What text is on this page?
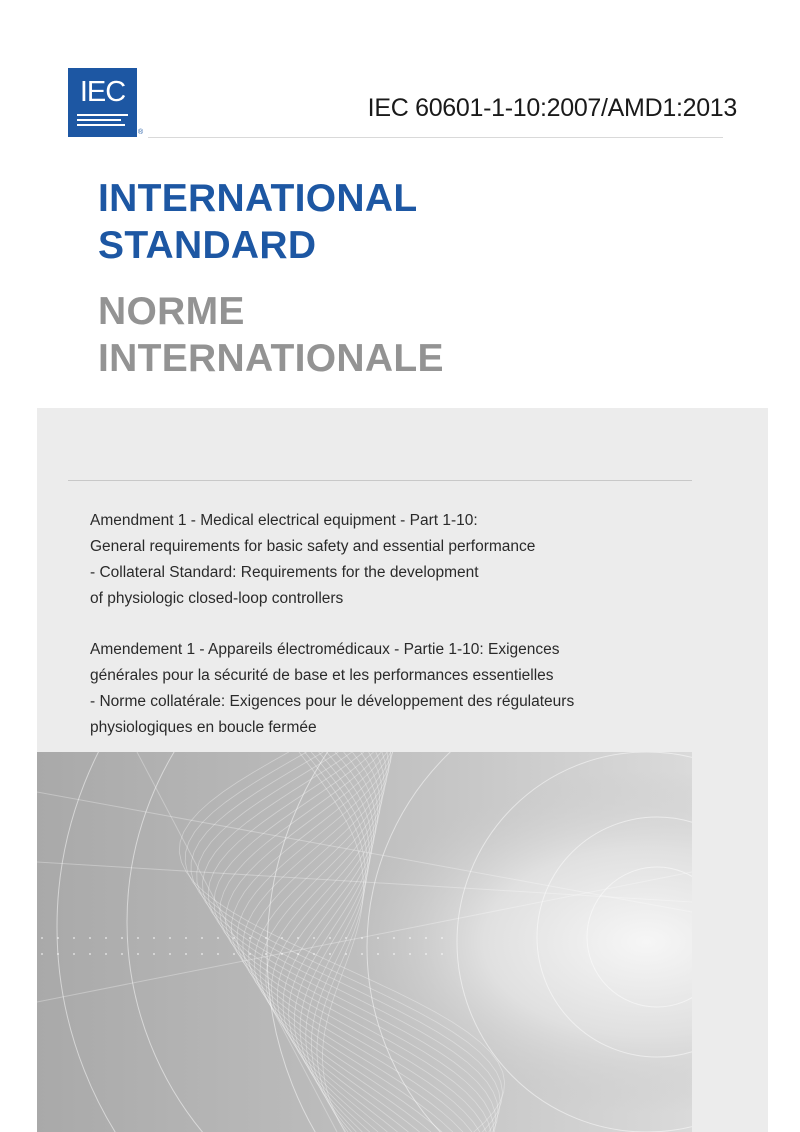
IEC
®
IEC 60601-1-10:2007/AMD1:2013
INTERNATIONAL
STANDARD
NORME
INTERNATIONALE
Amendment 1 - Medical electrical equipment - Part 1-10:
General requirements for basic safety and essential performance
- Collateral Standard: Requirements for the development
of physiologic closed-loop controllers
Amendement 1 - Appareils électromédicaux - Partie 1-10: Exigences
générales pour la sécurité de base et les performances essentielles
- Norme collatérale: Exigences pour le développement des régulateurs
physiologiques en boucle fermée
